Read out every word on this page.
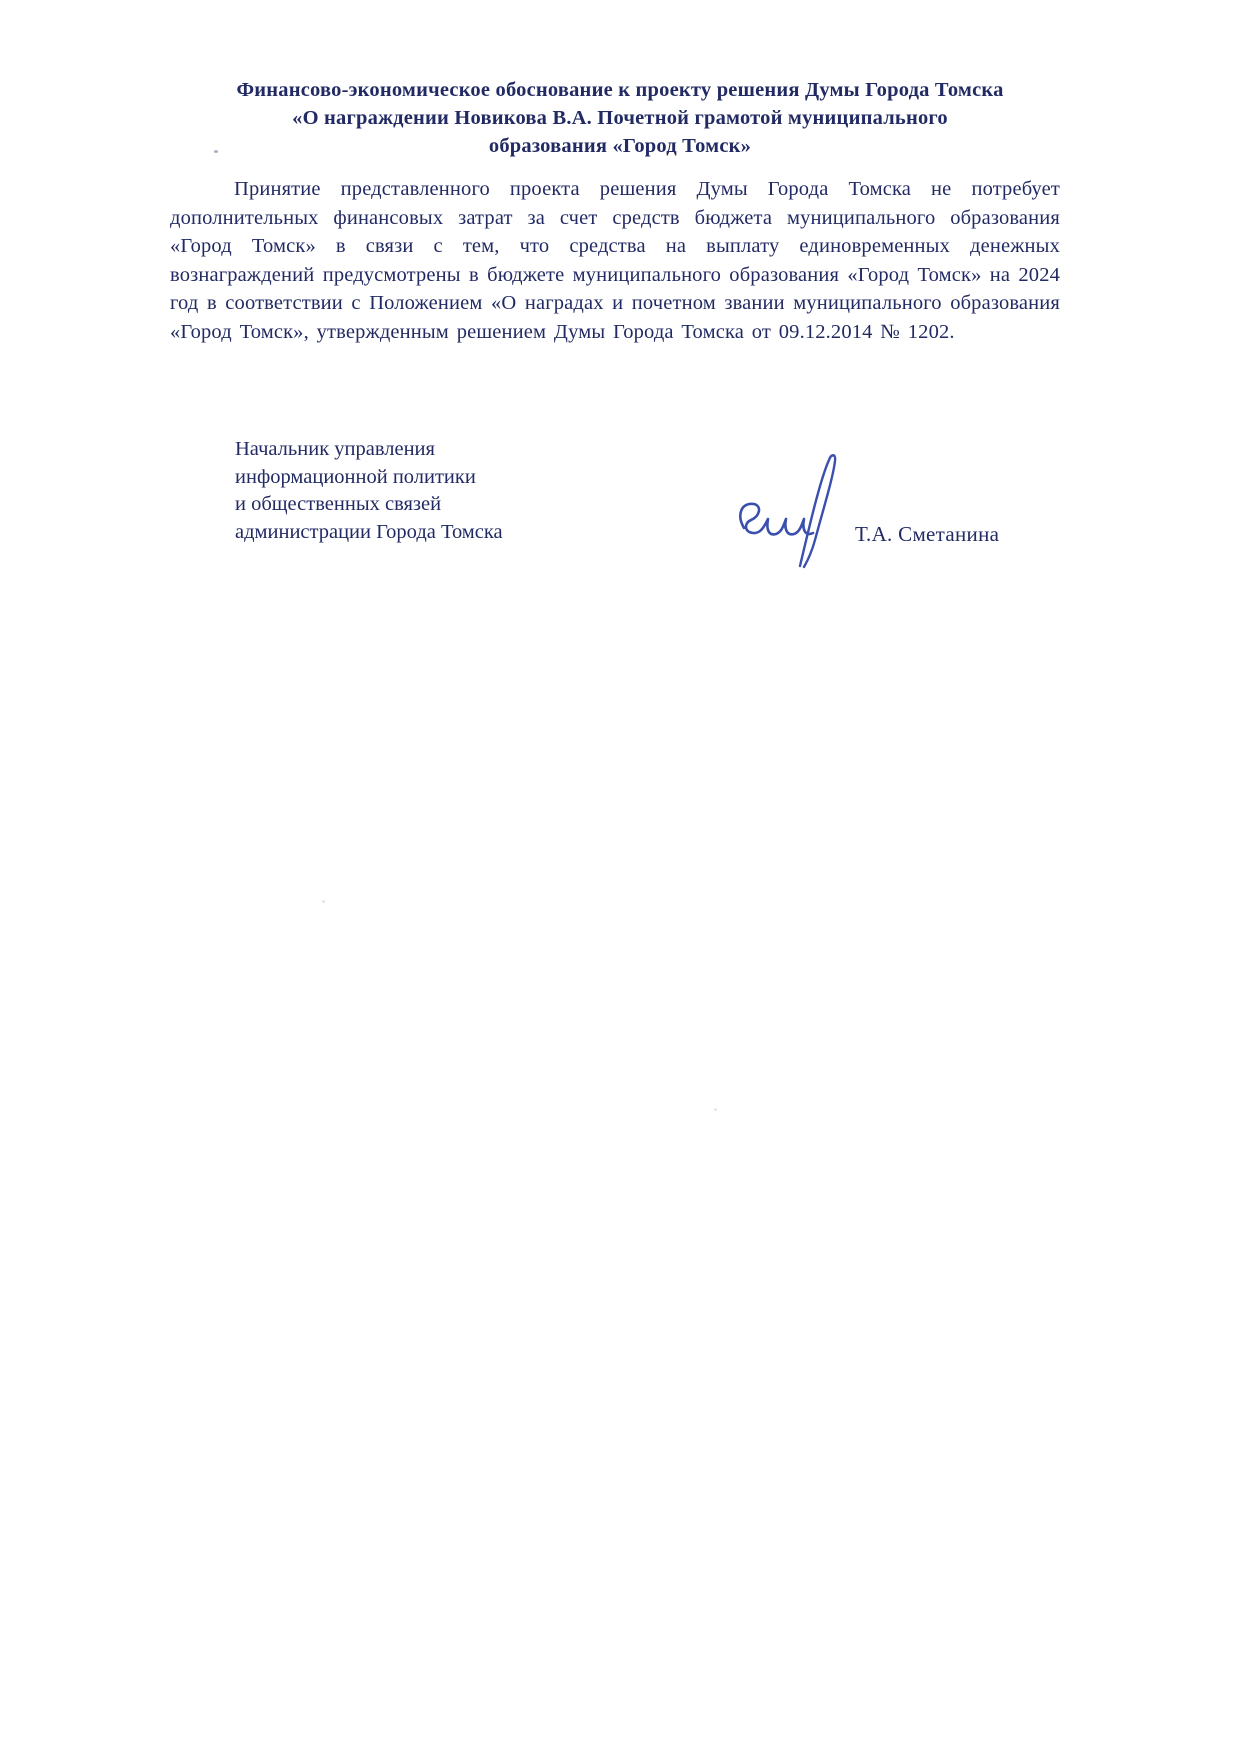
Финансово-экономическое обоснование к проекту решения Думы Города Томска
«О награждении Новикова В.А. Почетной грамотой муниципального
образования «Город Томск»
Принятие представленного проекта решения Думы Города Томска не потребует дополнительных финансовых затрат за счет средств бюджета муниципального образования «Город Томск» в связи с тем, что средства на выплату единовременных денежных вознаграждений предусмотрены в бюджете муниципального образования «Город Томск» на 2024 год в соответствии с Положением «О наградах и почетном звании муниципального образования «Город Томск», утвержденным решением Думы Города Томска от 09.12.2014 № 1202.
Начальник управления
информационной политики
и общественных связей
администрации Города Томска	Т.А. Сметанина
